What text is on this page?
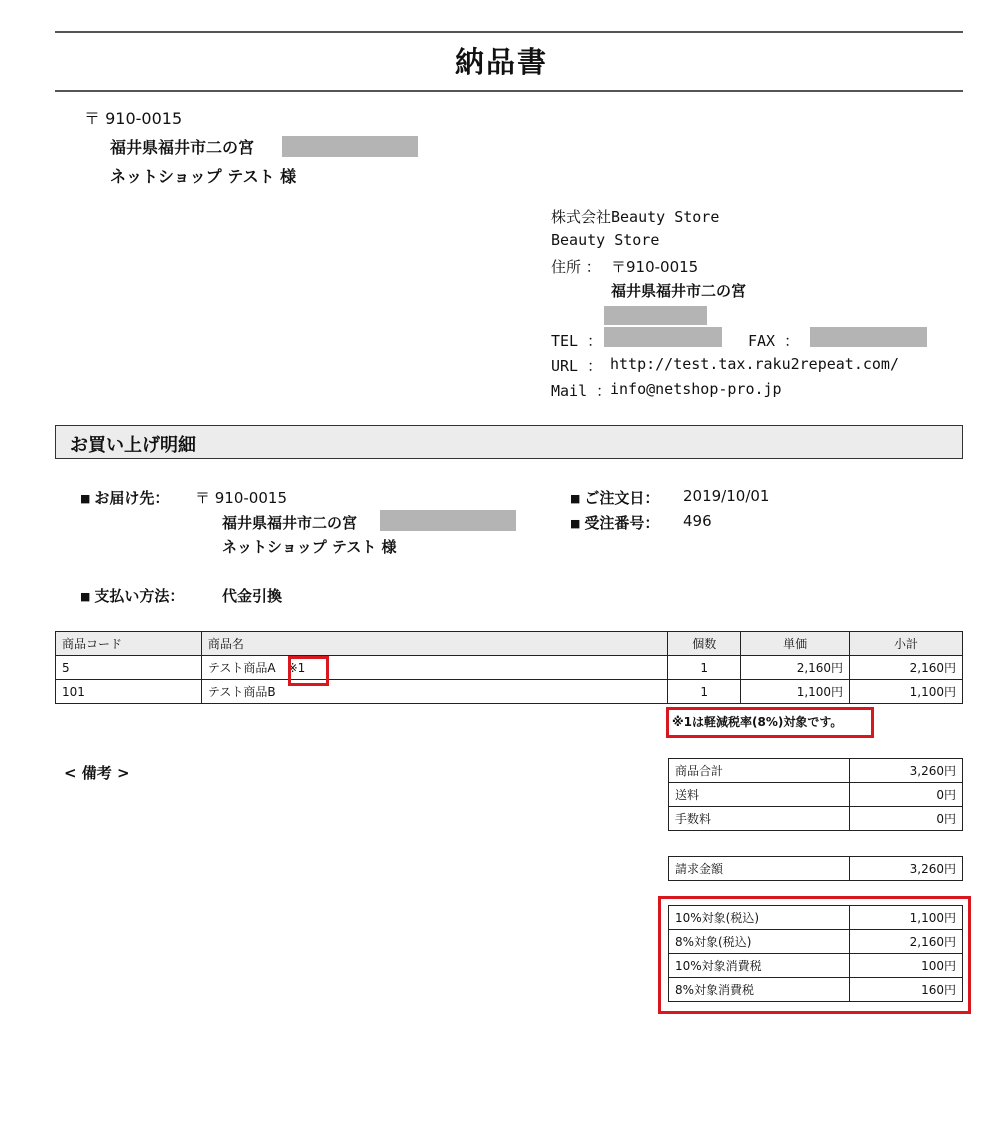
納品書
〒 910-0015
福井県福井市二の宮
ネットショップ テスト 様
株式会社Beauty Store
Beauty Store
住所 ： 〒910-0015
福井県福井市二の宮
TEL ：	FAX ：
URL ： http://test.tax.raku2repeat.com/
Mail ：
info@netshop-pro.jp
お買い上げ明細
■ お届け先： 〒 910-0015
福井県福井市二の宮
ネットショップ テスト 様
■ ご注文日： 2019/10/01
■ 受注番号： 496
■ 支払い方法：	代金引換
商品コード	商品名	個数	単価	小計
5	テスト商品A ※1	1	2,160円	2,160円
101	テスト商品B	1	1,100円	1,100円
※1は軽減税率(8%)対象です。
< 備考 >	商品合計	3,260円
送料	0円
手数料	0円
請求金額	3,260円
10%対象(税込)	1,100円
8%対象(税込)	2,160円
10%対象消費税	100円
8%対象消費税	160円
